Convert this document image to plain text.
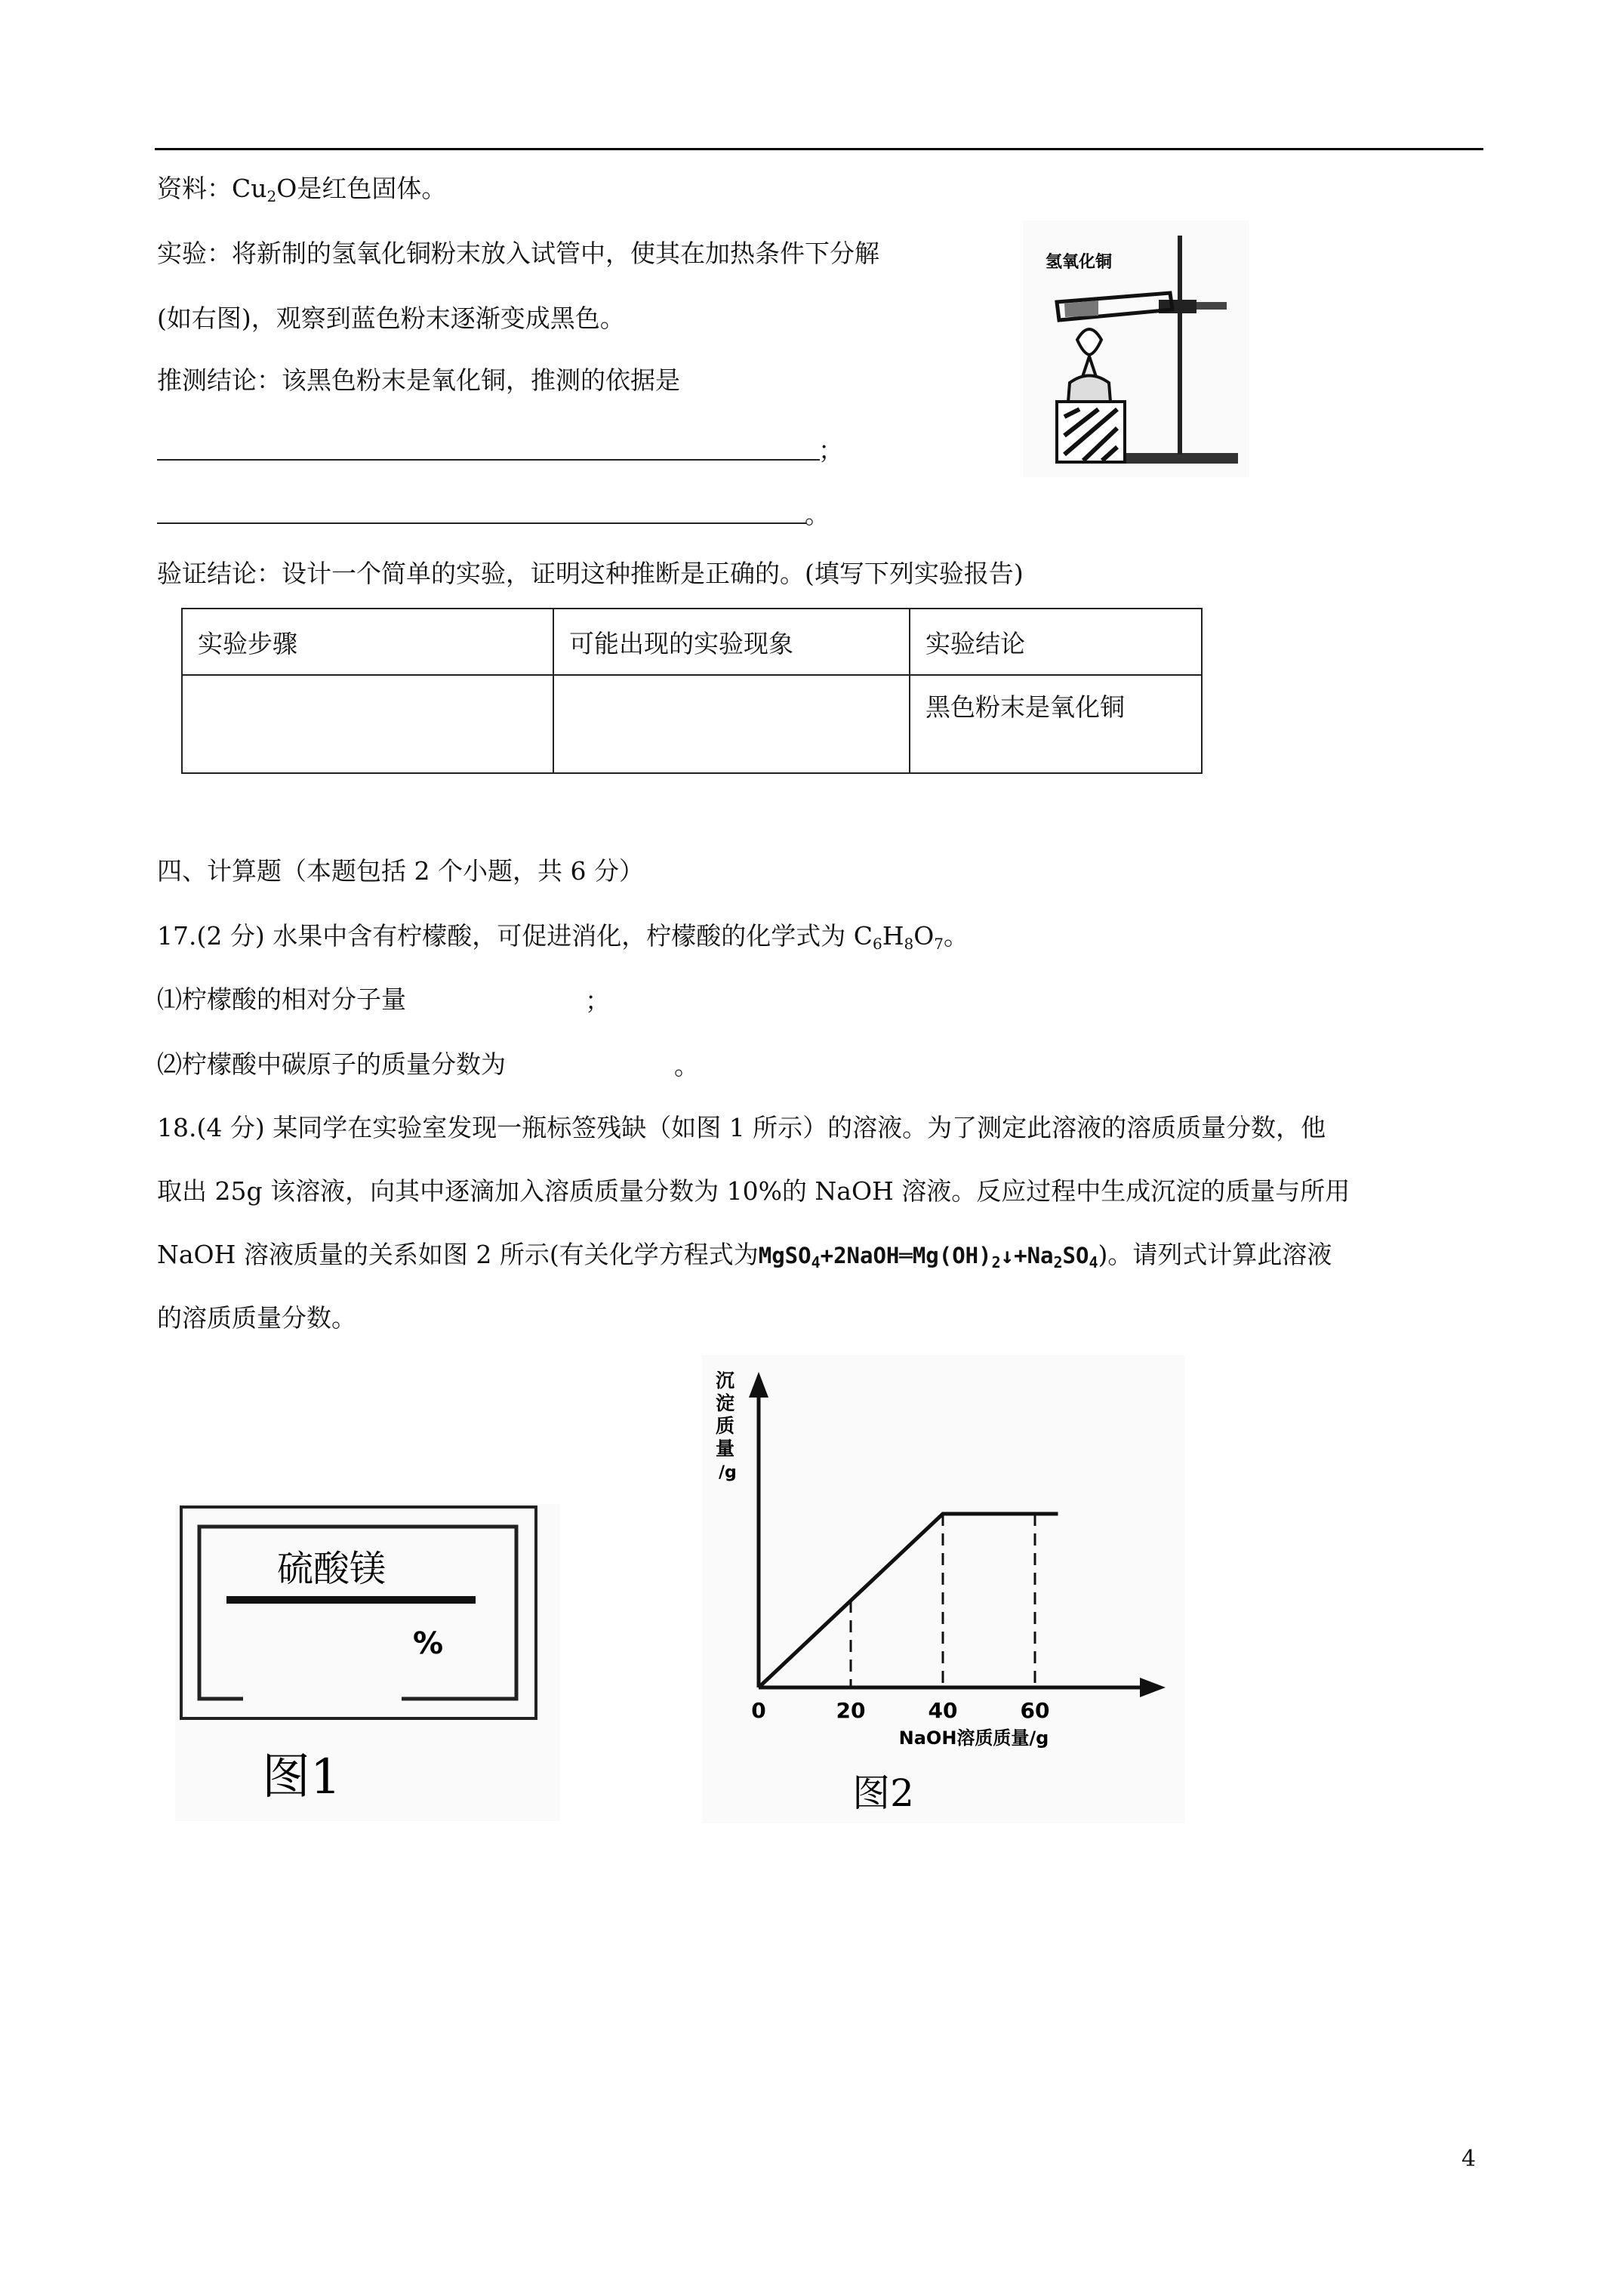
资料：$Cu_2O$是红色固体。
实验：将新制的氢氧化铜粉末放入试管中，使其在加热条件下分解
(如右图)，观察到蓝色粉末逐渐变成黑色。
推测结论：该黑色粉末是氧化铜，推测的依据是
；
。
氢氧化铜
验证结论：设计一个简单的实验，证明这种推断是正确的。(填写下列实验报告)
实验步骤	可能出现的实验现象	实验结论
		黑色粉末是氧化铜
四、计算题（本题包括 2 个小题，共 6 分）
17.(2 分) 水果中含有柠檬酸，可促进消化，柠檬酸的化学式为 $C_6H_8O_7$。
⑴柠檬酸的相对分子量	；
⑵柠檬酸中碳原子的质量分数为	。
18.(4 分) 某同学在实验室发现一瓶标签残缺（如图 1 所示）的溶液。为了测定此溶液的溶质质量分数，他
取出 25g 该溶液，向其中逐滴加入溶质质量分数为 10%的 NaOH 溶液。反应过程中生成沉淀的质量与所用
NaOH 溶液质量的关系如图 2 所示(有关化学方程式为$MgSO_4+2NaOH═Mg(OH)_2↓+Na_2SO_4$)。请列式计算此溶液
的溶质质量分数。
硫酸镁
%
图1
沉
淀
质
量
/g
0	20	40	60
NaOH溶质质量/g
图2
4
